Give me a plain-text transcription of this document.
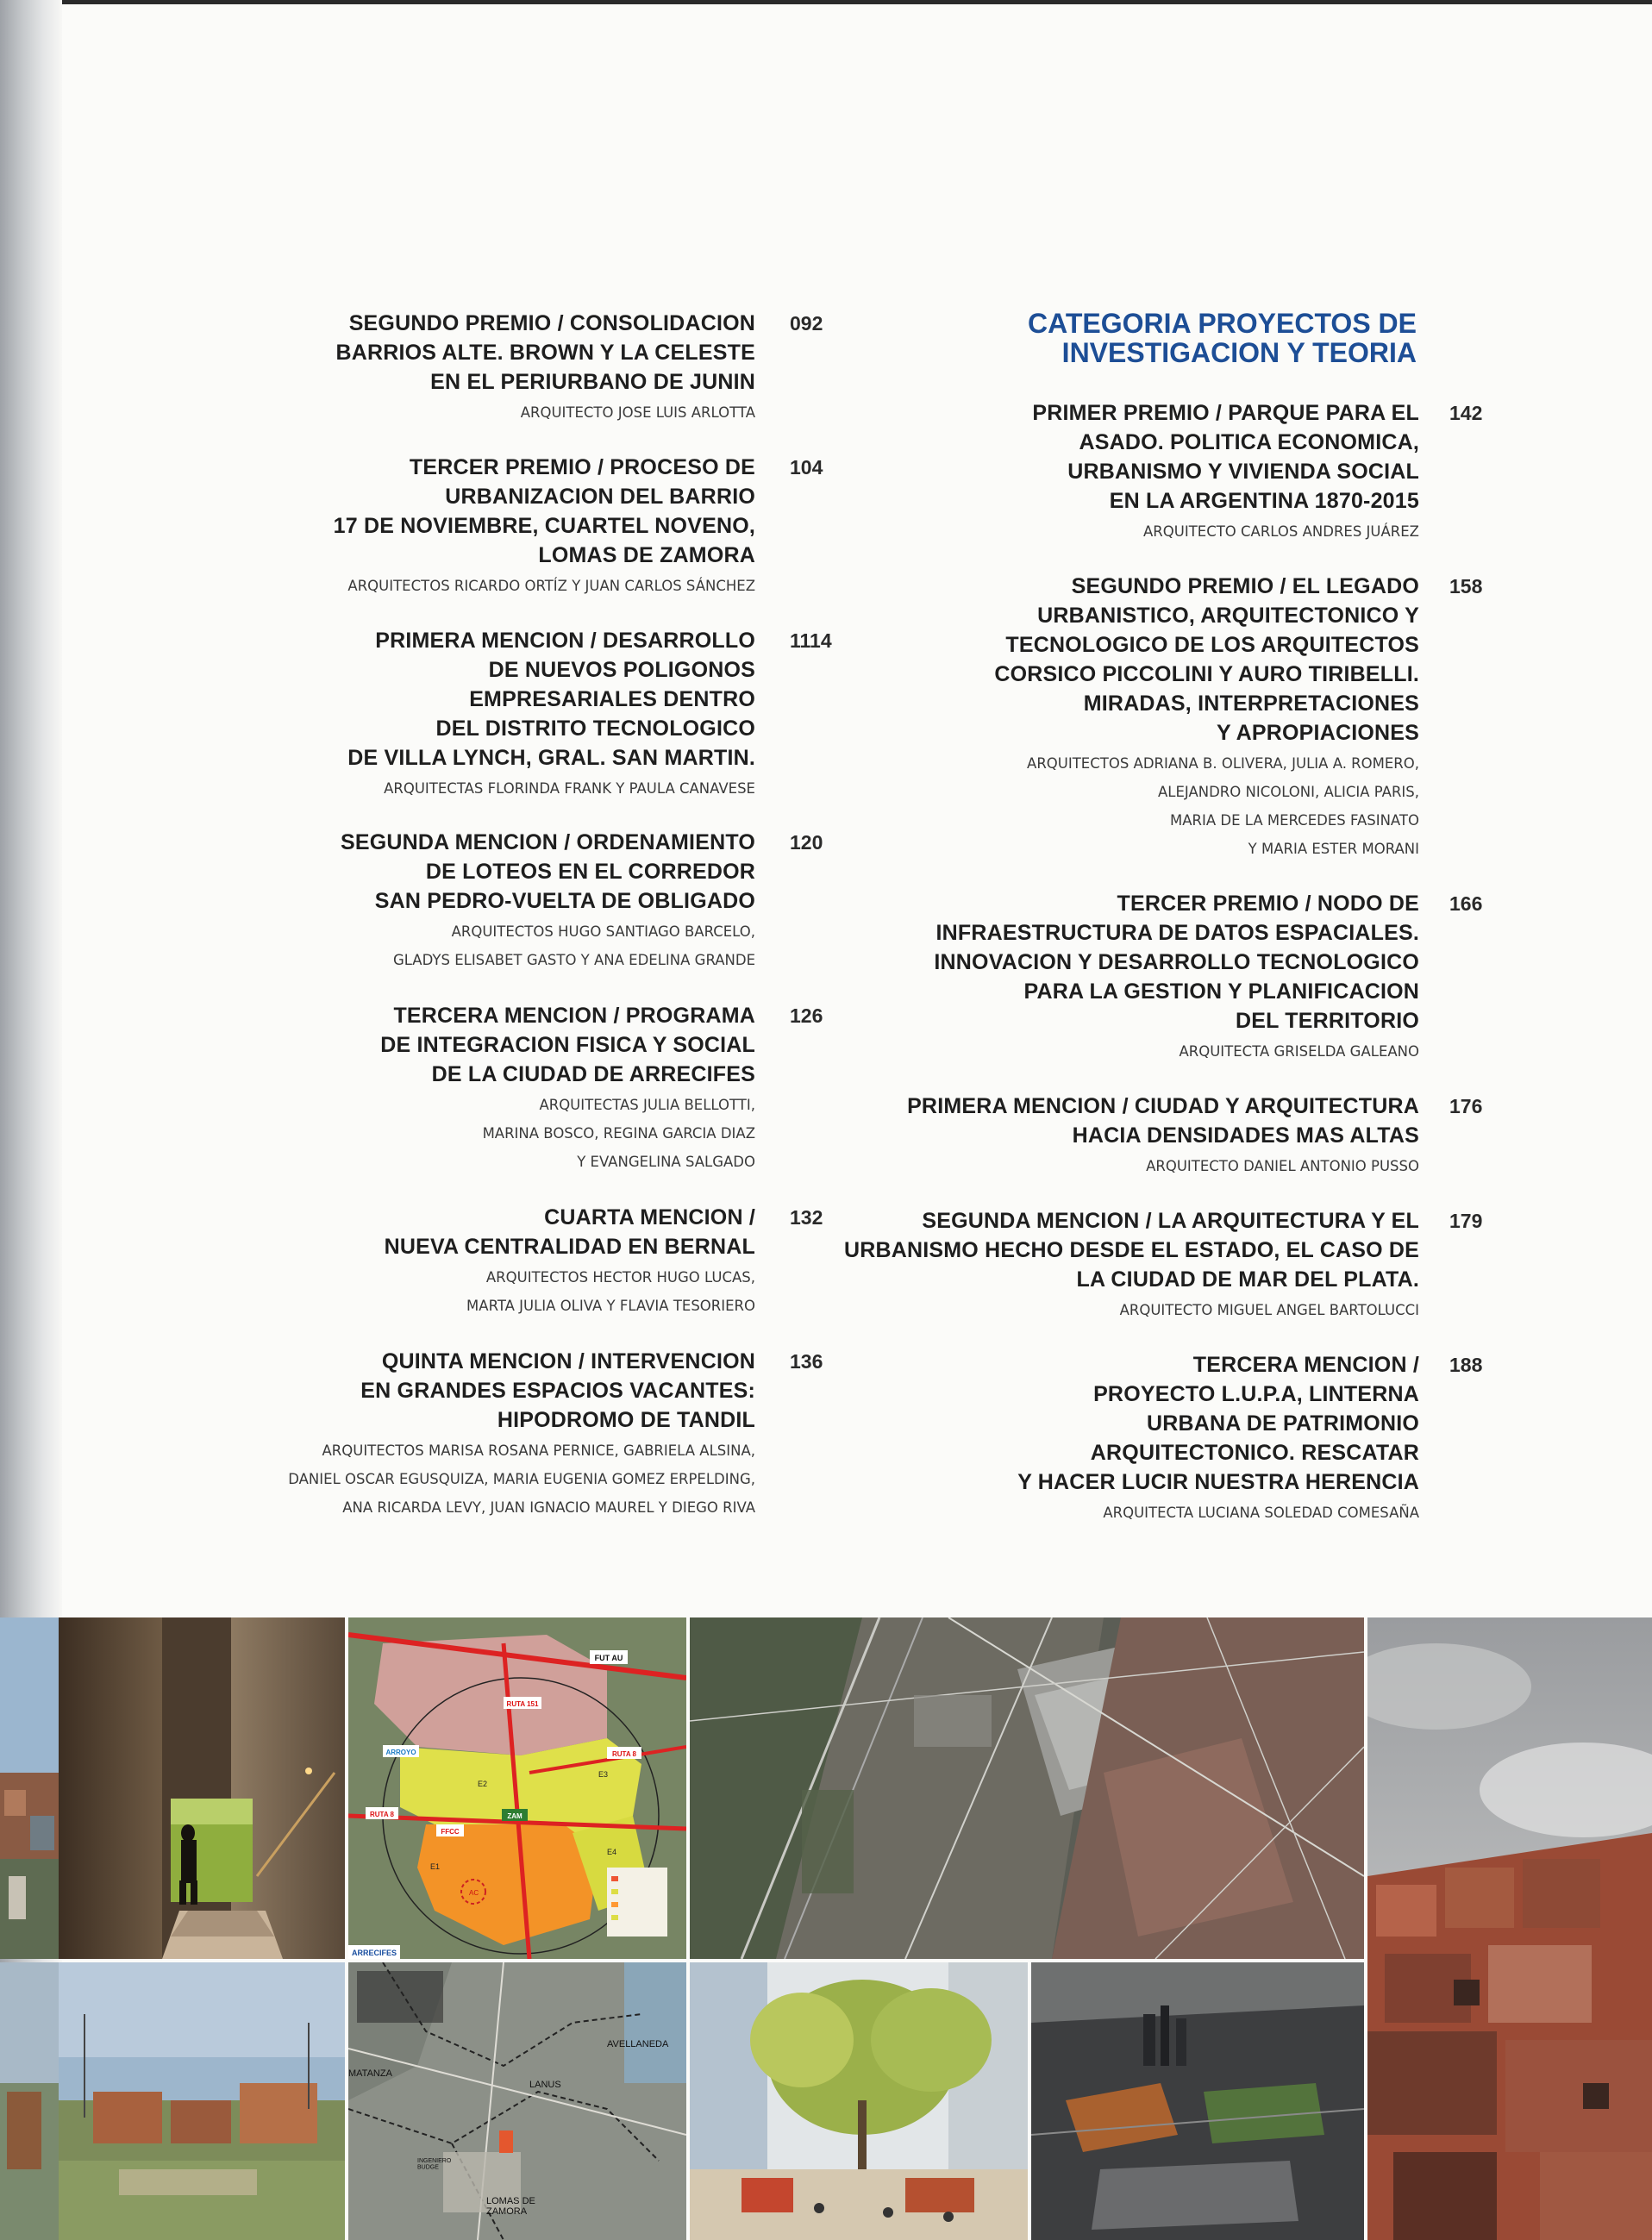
SEGUNDO PREMIO / CONSOLIDACION
BARRIOS ALTE. BROWN Y LA CELESTE
EN EL PERIURBANO DE JUNIN
ARQUITECTO JOSE LUIS ARLOTTA
092
TERCER PREMIO / PROCESO DE
URBANIZACION DEL BARRIO
17 DE NOVIEMBRE, CUARTEL NOVENO,
LOMAS DE ZAMORA
ARQUITECTOS RICARDO ORTÍZ Y JUAN CARLOS SÁNCHEZ
104
PRIMERA MENCION / DESARROLLO
DE NUEVOS POLIGONOS
EMPRESARIALES DENTRO
DEL DISTRITO TECNOLOGICO
DE VILLA LYNCH, GRAL. SAN MARTIN.
ARQUITECTAS FLORINDA FRANK Y PAULA CANAVESE
1114
SEGUNDA MENCION / ORDENAMIENTO
DE LOTEOS EN EL CORREDOR
SAN PEDRO-VUELTA DE OBLIGADO
ARQUITECTOS HUGO SANTIAGO BARCELO,
GLADYS ELISABET GASTO Y ANA EDELINA GRANDE
120
TERCERA MENCION / PROGRAMA
DE INTEGRACION FISICA Y SOCIAL
DE LA CIUDAD DE ARRECIFES
ARQUITECTAS JULIA BELLOTTI,
MARINA BOSCO, REGINA GARCIA DIAZ
Y EVANGELINA SALGADO
126
CUARTA MENCION /
NUEVA CENTRALIDAD EN BERNAL
ARQUITECTOS HECTOR HUGO LUCAS,
MARTA JULIA OLIVA Y FLAVIA TESORIERO
132
QUINTA MENCION / INTERVENCION
EN GRANDES ESPACIOS VACANTES:
HIPODROMO DE TANDIL
ARQUITECTOS MARISA ROSANA PERNICE, GABRIELA ALSINA,
DANIEL OSCAR EGUSQUIZA, MARIA EUGENIA GOMEZ ERPELDING,
ANA RICARDA LEVY, JUAN IGNACIO MAUREL Y DIEGO RIVA
136
CATEGORIA PROYECTOS DE
INVESTIGACION Y TEORIA
PRIMER PREMIO / PARQUE PARA EL
ASADO. POLITICA ECONOMICA,
URBANISMO Y VIVIENDA SOCIAL
EN LA ARGENTINA 1870-2015
ARQUITECTO CARLOS ANDRES JUÁREZ
142
SEGUNDO PREMIO / EL LEGADO
URBANISTICO, ARQUITECTONICO Y
TECNOLOGICO DE LOS ARQUITECTOS
CORSICO PICCOLINI Y AURO TIRIBELLI.
MIRADAS, INTERPRETACIONES
Y APROPIACIONES
ARQUITECTOS ADRIANA B. OLIVERA, JULIA A. ROMERO,
ALEJANDRO NICOLONI, ALICIA PARIS,
MARIA DE LA MERCEDES FASINATO
Y MARIA ESTER MORANI
158
TERCER PREMIO / NODO DE
INFRAESTRUCTURA DE DATOS ESPACIALES.
INNOVACION Y DESARROLLO TECNOLOGICO
PARA LA GESTION Y PLANIFICACION
DEL TERRITORIO
ARQUITECTA GRISELDA GALEANO
166
PRIMERA MENCION / CIUDAD Y ARQUITECTURA
HACIA DENSIDADES MAS ALTAS
ARQUITECTO DANIEL ANTONIO PUSSO
176
SEGUNDA MENCION / LA ARQUITECTURA Y EL
URBANISMO HECHO DESDE EL ESTADO, EL CASO DE
LA CIUDAD DE MAR DEL PLATA.
ARQUITECTO MIGUEL ANGEL BARTOLUCCI
179
TERCERA MENCION /
PROYECTO L.U.P.A, LINTERNA
URBANA DE PATRIMONIO
ARQUITECTONICO. RESCATAR
Y HACER LUCIR NUESTRA HERENCIA
ARQUITECTA LUCIANA SOLEDAD COMESAÑA
188
FUT AU
RUTA 151
RUTA 8
RUTA 8
ARROYO
FFCC
ZAM
E2
E1
E3
E4
AC
ARRECIFES
AVELLANEDA
LANUS
MATANZA
LOMAS DE ZAMORA
INGENIERO BUDGE
